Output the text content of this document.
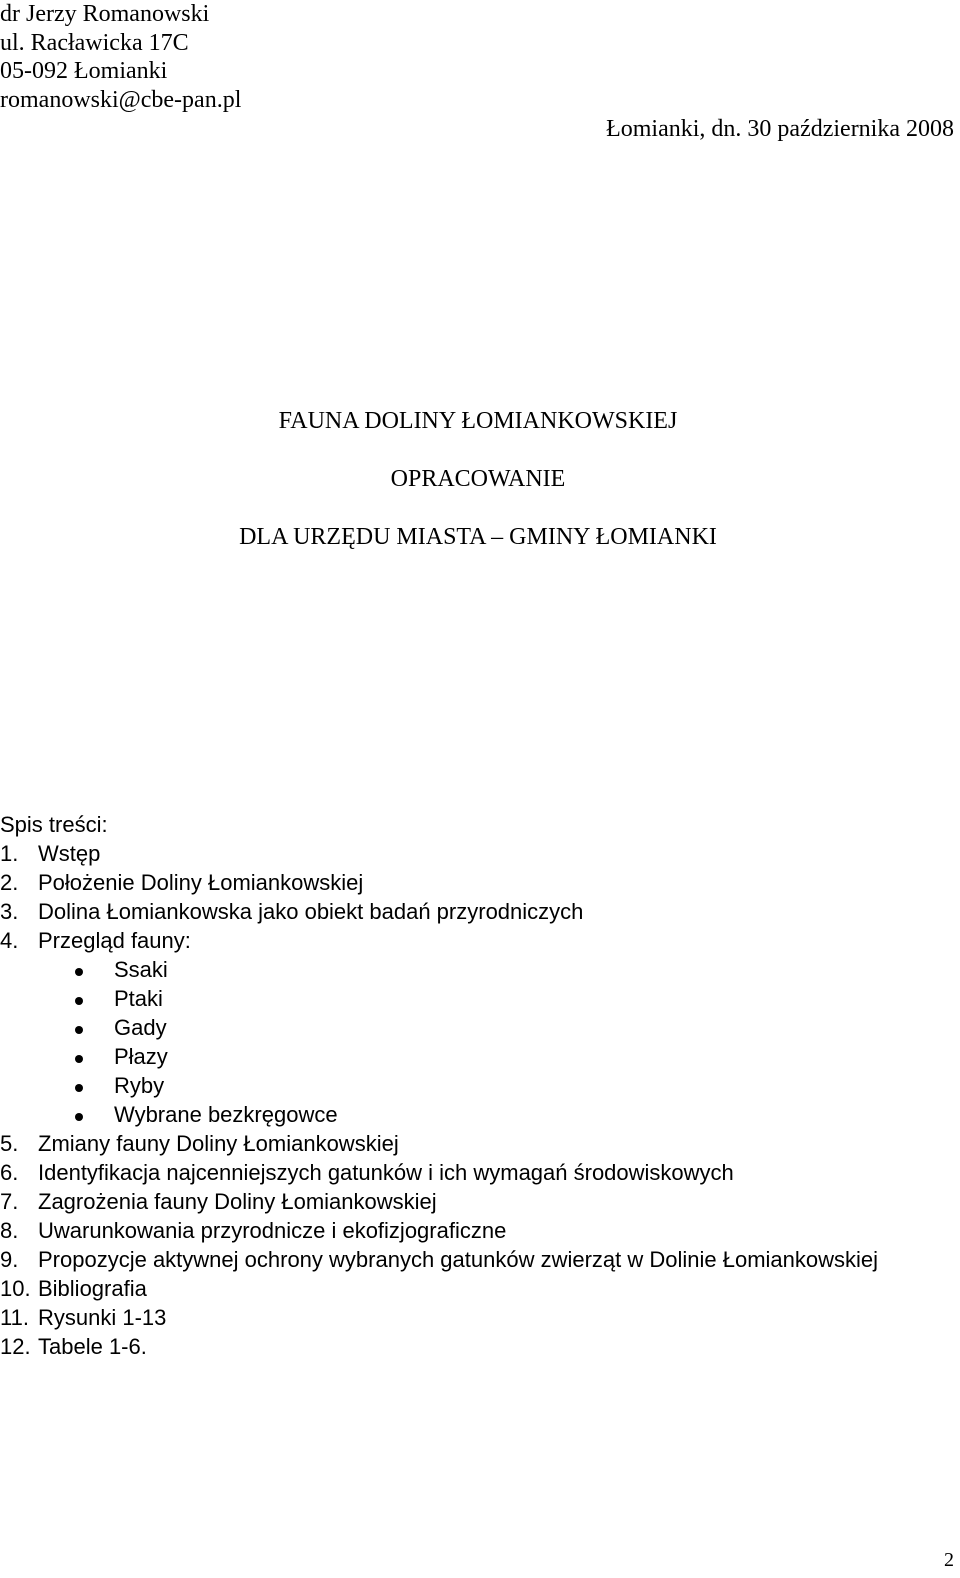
dr Jerzy Romanowski
ul. Racławicka 17C
05-092 Łomianki
romanowski@cbe-pan.pl
Łomianki, dn. 30 października 2008
FAUNA DOLINY ŁOMIANKOWSKIEJ
OPRACOWANIE
DLA URZĘDU MIASTA – GMINY ŁOMIANKI
Spis treści:
1. Wstęp
2. Położenie Doliny Łomiankowskiej
3. Dolina Łomiankowska jako obiekt badań przyrodniczych
4. Przegląd fauny:
Ssaki
Ptaki
Gady
Płazy
Ryby
Wybrane bezkręgowce
5. Zmiany fauny Doliny Łomiankowskiej
6. Identyfikacja najcenniejszych gatunków i ich wymagań środowiskowych
7. Zagrożenia fauny Doliny Łomiankowskiej
8. Uwarunkowania przyrodnicze i ekofizjograficzne
9. Propozycje aktywnej ochrony wybranych gatunków zwierząt w Dolinie Łomiankowskiej
10. Bibliografia
11. Rysunki 1-13
12. Tabele 1-6.
2
